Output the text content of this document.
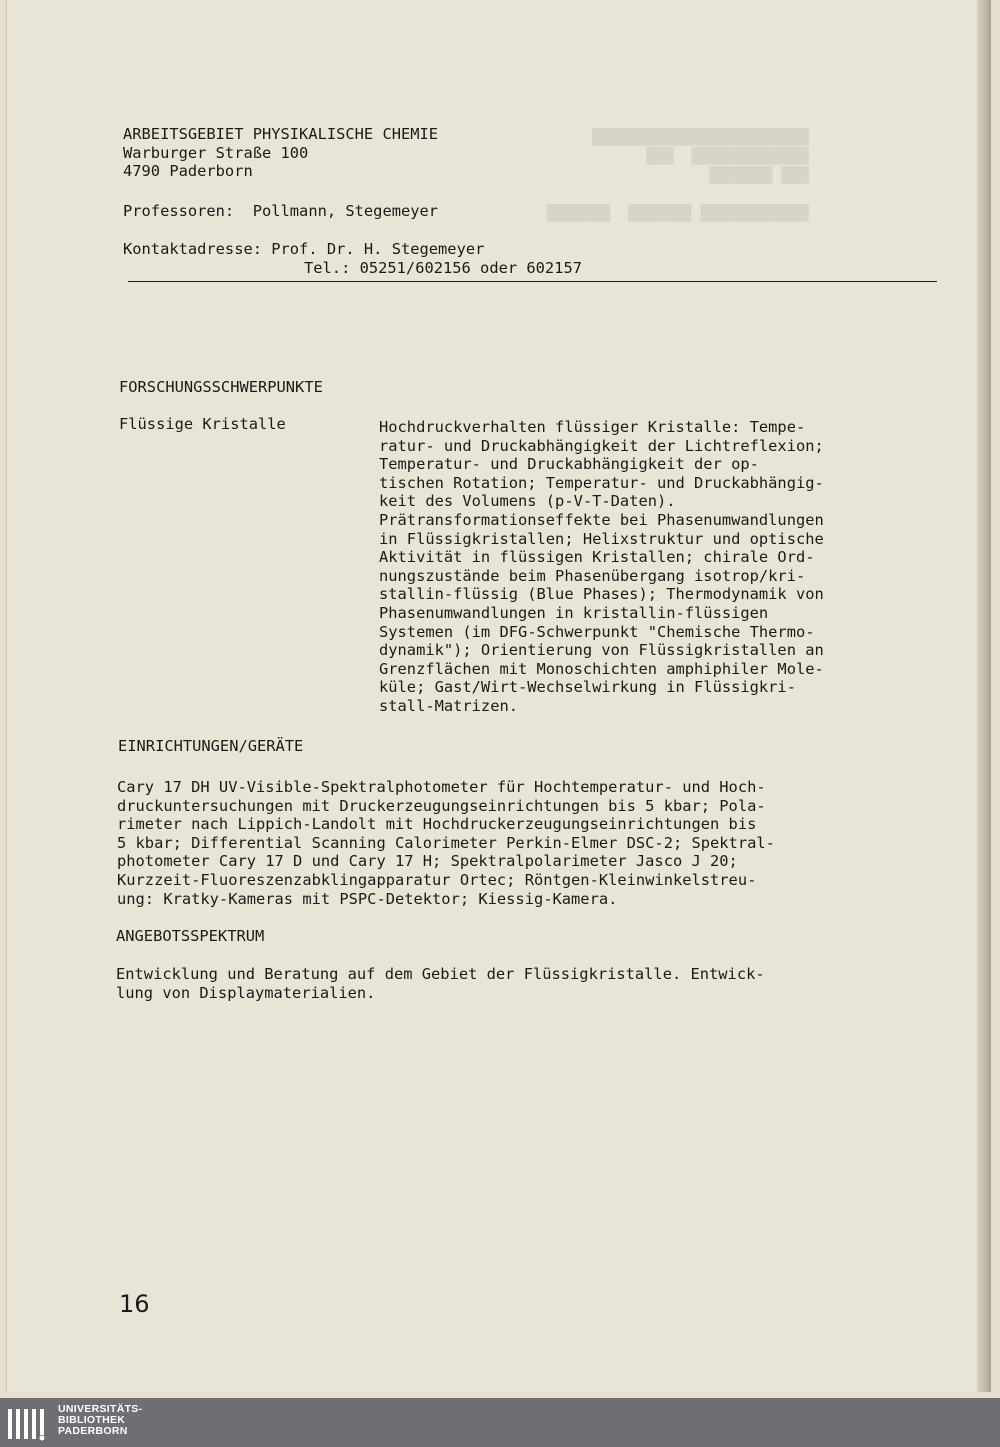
████████████████████████
█████████████  ███
███ ███████

████████████ ███████  ███████
ARBEITSGEBIET PHYSIKALISCHE CHEMIE
Warburger Straße 100
4790 Paderborn
Professoren:  Pollmann, Stegemeyer
Kontaktadresse: Prof. Dr. H. Stegemeyer
Tel.: 05251/602156 oder 602157
FORSCHUNGSSCHWERPUNKTE
Flüssige Kristalle	Hochdruckverhalten flüssiger Kristalle: Tempe-

ratur- und Druckabhängigkeit der Lichtreflexion;

Temperatur- und Druckabhängigkeit der op-

tischen Rotation; Temperatur- und Druckabhängig-

keit des Volumens (p-V-T-Daten).

Prätransformationseffekte bei Phasenumwandlungen

in Flüssigkristallen; Helixstruktur und optische

Aktivität in flüssigen Kristallen; chirale Ord-

nungszustände beim Phasenübergang isotrop/kri-

stallin-flüssig (Blue Phases); Thermodynamik von

Phasenumwandlungen in kristallin-flüssigen

Systemen (im DFG-Schwerpunkt "Chemische Thermo-

dynamik"); Orientierung von Flüssigkristallen an

Grenzflächen mit Monoschichten amphiphiler Mole-

küle; Gast/Wirt-Wechselwirkung in Flüssigkri-

stall-Matrizen.

EINRICHTUNGEN/GERÄTE

Cary 17 DH UV-Visible-Spektralphotometer für Hochtemperatur- und Hoch-

druckuntersuchungen mit Druckerzeugungseinrichtungen bis 5 kbar; Pola-

rimeter nach Lippich-Landolt mit Hochdruckerzeugungseinrichtungen bis

5 kbar; Differential Scanning Calorimeter Perkin-Elmer DSC-2; Spektral-

photometer Cary 17 D und Cary 17 H; Spektralpolarimeter Jasco J 20;

Kurzzeit-Fluoreszenzabklingapparatur Ortec; Röntgen-Kleinwinkelstreu-

ung: Kratky-Kameras mit PSPC-Detektor; Kiessig-Kamera.

ANGEBOTSSPEKTRUM

Entwicklung und Beratung auf dem Gebiet der Flüssigkristalle. Entwick-

lung von Displaymaterialien.

16
UNIVERSITÄTS-
BIBLIOTHEK
PADERBORN
